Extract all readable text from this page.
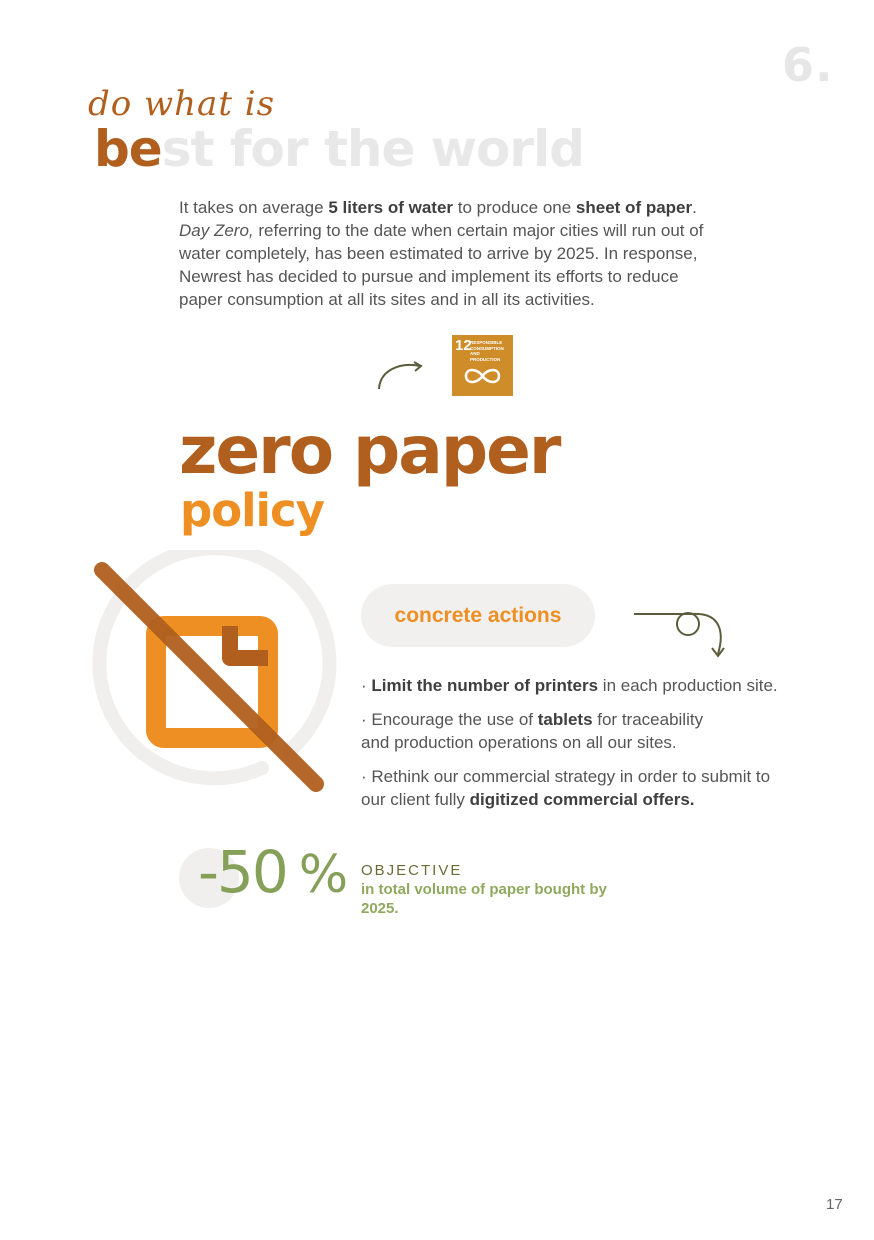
6.
do what is
best for the world

It takes on average 5 liters of water to produce one sheet of paper.

Day Zero, referring to the date when certain major cities will run out of water completely, has been estimated to arrive by 2025. In response, Newrest has decided to pursue and implement its efforts to reduce paper consumption at all its sites and in all its activities.

12
RESPONSIBLE CONSUMPTION AND PRODUCTION
zero paper
policy
concrete actions
· Limit the number of printers in each production site.
· Encourage the use of tablets for traceability and production operations on all our sites.
· Rethink our commercial strategy in order to submit to our client fully digitized commercial offers.
-50 % OBJECTIVE
in total volume of paper bought by 2025.
17
